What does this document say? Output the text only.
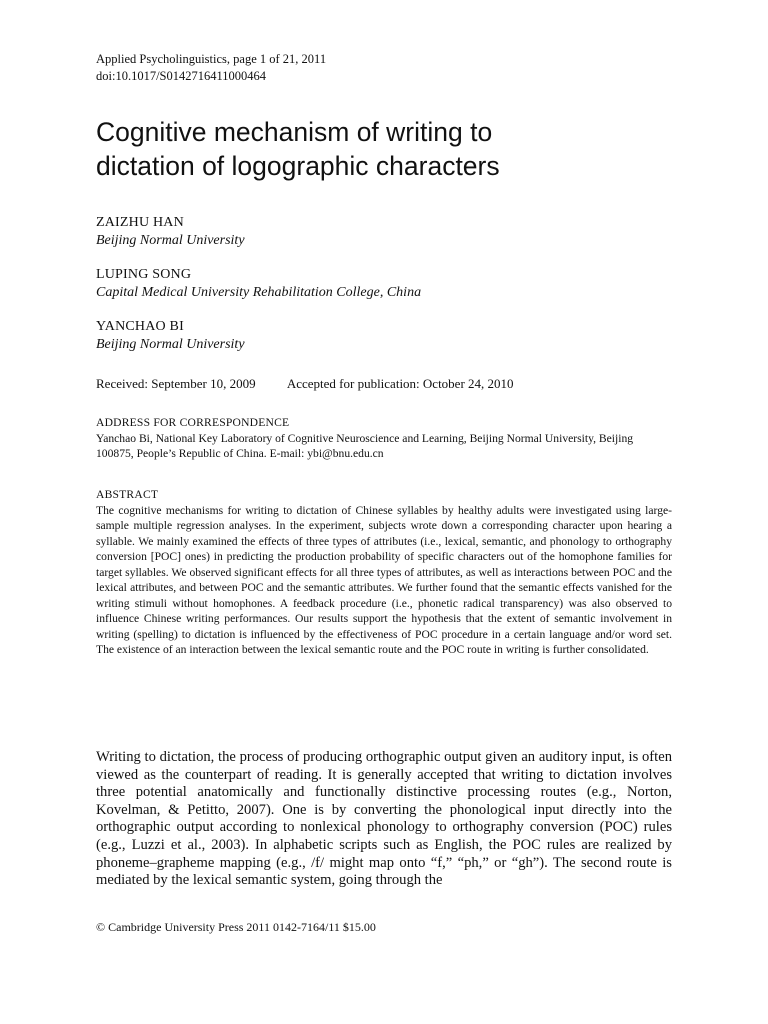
Applied Psycholinguistics, page 1 of 21, 2011
doi:10.1017/S0142716411000464
Cognitive mechanism of writing to
dictation of logographic characters
ZAIZHU HAN
Beijing Normal University
LUPING SONG
Capital Medical University Rehabilitation College, China
YANCHAO BI
Beijing Normal University
Received: September 10, 2009 Accepted for publication: October 24, 2010
ADDRESS FOR CORRESPONDENCE
Yanchao Bi, National Key Laboratory of Cognitive Neuroscience and Learning, Beijing Normal University, Beijing 100875, People’s Republic of China. E-mail: ybi@bnu.edu.cn
ABSTRACT
The cognitive mechanisms for writing to dictation of Chinese syllables by healthy adults were investigated using large-sample multiple regression analyses. In the experiment, subjects wrote down a corresponding character upon hearing a syllable. We mainly examined the effects of three types of attributes (i.e., lexical, semantic, and phonology to orthography conversion [POC] ones) in predicting the production probability of specific characters out of the homophone families for target syllables. We observed significant effects for all three types of attributes, as well as interactions between POC and the lexical attributes, and between POC and the semantic attributes. We further found that the semantic effects vanished for the writing stimuli without homophones. A feedback procedure (i.e., phonetic radical transparency) was also observed to influence Chinese writing performances. Our results support the hypothesis that the extent of semantic involvement in writing (spelling) to dictation is influenced by the effectiveness of POC procedure in a certain language and/or word set. The existence of an interaction between the lexical semantic route and the POC route in writing is further consolidated.

Writing to dictation, the process of producing orthographic output given an auditory input, is often viewed as the counterpart of reading. It is generally accepted that writing to dictation involves three potential anatomically and functionally distinctive processing routes (e.g., Norton, Kovelman, & Petitto, 2007). One is by converting the phonological input directly into the orthographic output according to nonlexical phonology to orthography conversion (POC) rules (e.g., Luzzi et al., 2003). In alphabetic scripts such as English, the POC rules are realized by phoneme–grapheme mapping (e.g., /f/ might map onto “f,” “ph,” or “gh”). The second route is mediated by the lexical semantic system, going through the

© Cambridge University Press 2011 0142-7164/11 $15.00
